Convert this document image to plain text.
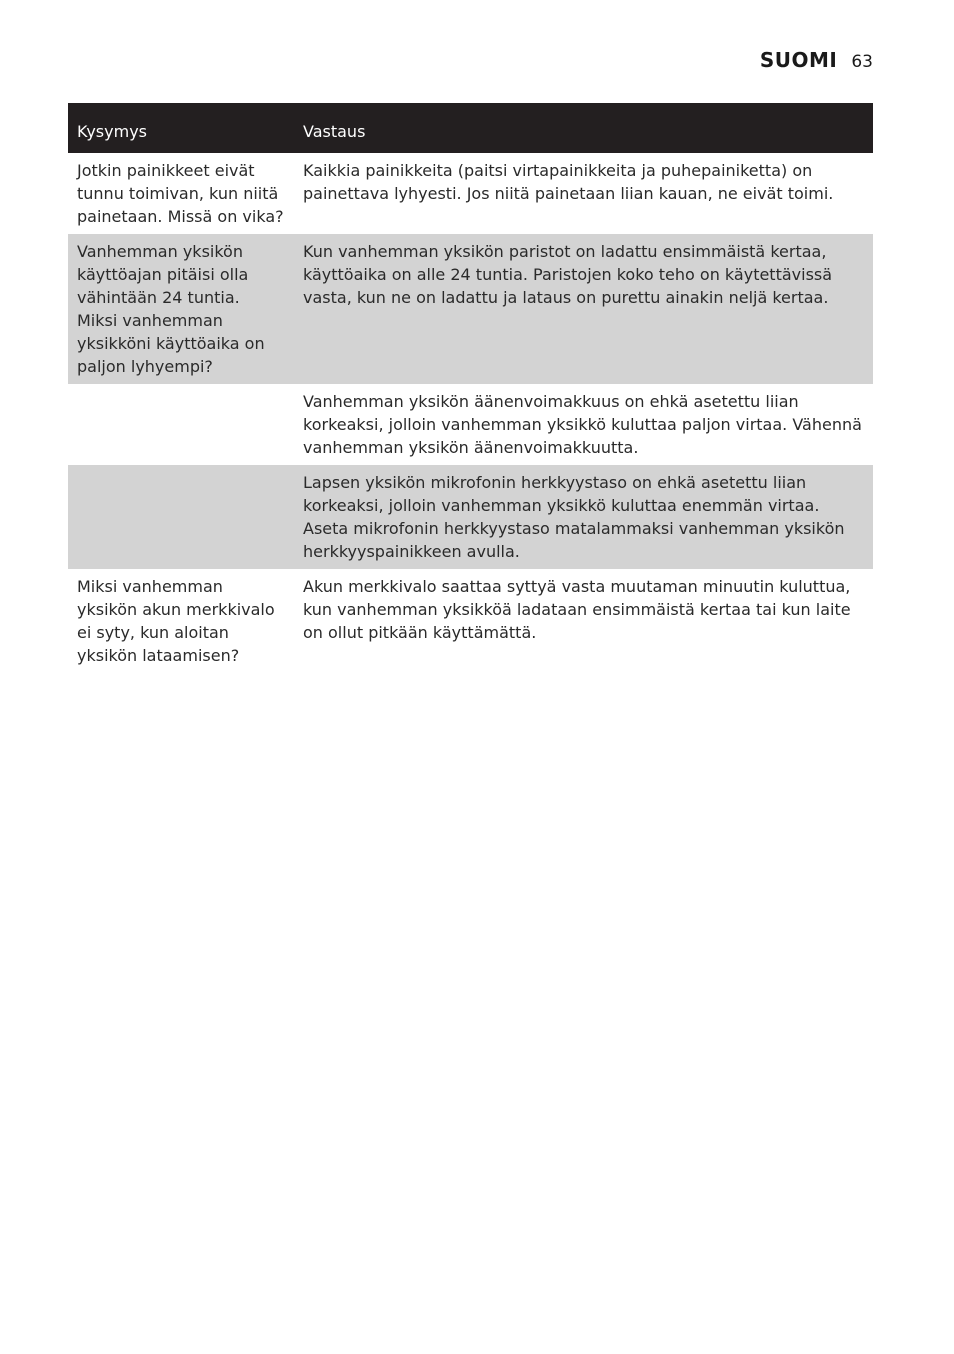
SUOMI 63
Kysymys	Vastaus
Jotkin painikkeet eivät tunnu toimivan, kun niitä painetaan. Missä on vika?	Kaikkia painikkeita (paitsi virtapainikkeita ja puhepainiketta) on painettava lyhyesti. Jos niitä painetaan liian kauan, ne eivät toimi.
Vanhemman yksikön käyttöajan pitäisi olla vähintään 24 tuntia. Miksi vanhemman yksikköni käyttöaika on paljon lyhyempi?	Kun vanhemman yksikön paristot on ladattu ensimmäistä kertaa, käyttöaika on alle 24 tuntia. Paristojen koko teho on käytettävissä vasta, kun ne on ladattu ja lataus on purettu ainakin neljä kertaa.
	Vanhemman yksikön äänenvoimakkuus on ehkä asetettu liian korkeaksi, jolloin vanhemman yksikkö kuluttaa paljon virtaa. Vähennä vanhemman yksikön äänenvoimakkuutta.
	Lapsen yksikön mikrofonin herkkyystaso on ehkä asetettu liian korkeaksi, jolloin vanhemman yksikkö kuluttaa enemmän virtaa. Aseta mikrofonin herkkyystaso matalammaksi vanhemman yksikön herkkyyspainikkeen avulla.
Miksi vanhemman yksikön akun merkkivalo ei syty, kun aloitan yksikön lataamisen?	Akun merkkivalo saattaa syttyä vasta muutaman minuutin kuluttua, kun vanhemman yksikköä ladataan ensimmäistä kertaa tai kun laite on ollut pitkään käyttämättä.
